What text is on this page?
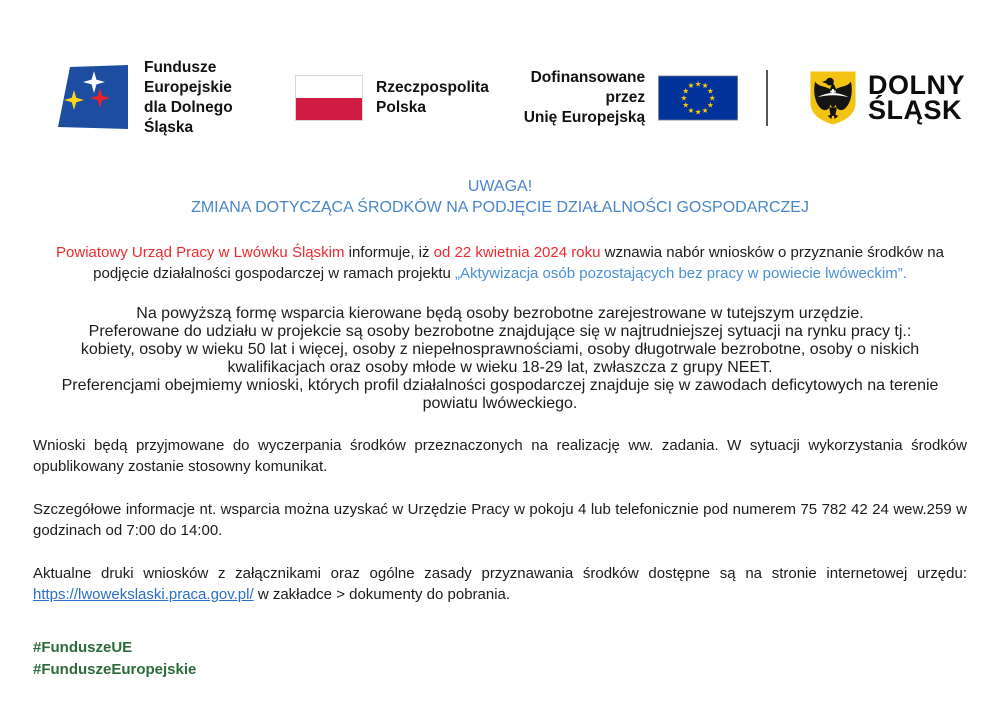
Fundusze Europejskie
dla Dolnego Śląska
Rzeczpospolita
Polska
Dofinansowane przez
Unię Europejską
★ ★
★
★
★
★
★
★
★
★
★
★	DOLNY
ŚLĄSK
UWAGA!
ZMIANA DOTYCZĄCA ŚRODKÓW NA PODJĘCIE DZIAŁALNOŚCI GOSPODARCZEJ

Powiatowy Urząd Pracy w Lwówku Śląskim informuje, iż od 22 kwietnia 2024 roku wznawia nabór wniosków o przyznanie środków na podjęcie działalności gospodarczej w ramach projektu „Aktywizacja osób pozostających bez pracy w powiecie lwóweckim”.

Na powyższą formę wsparcia kierowane będą osoby bezrobotne zarejestrowane w tutejszym urzędzie.
Preferowane do udziału w projekcie są osoby bezrobotne znajdujące się w najtrudniejszej sytuacji na rynku pracy tj.:
kobiety, osoby w wieku 50 lat i więcej, osoby z niepełnosprawnościami, osoby długotrwale bezrobotne, osoby o niskich kwalifikacjach oraz osoby młode w wieku 18-29 lat, zwłaszcza z grupy NEET.
Preferencjami obejmiemy wnioski, których profil działalności gospodarczej znajduje się w zawodach deficytowych na terenie powiatu lwóweckiego.

Wnioski będą przyjmowane do wyczerpania środków przeznaczonych na realizację ww. zadania. W sytuacji wykorzystania środków opublikowany zostanie stosowny komunikat.

Szczegółowe informacje nt. wsparcia można uzyskać w Urzędzie Pracy w pokoju 4 lub telefonicznie pod numerem 75 782 42 24 wew.259 w godzinach od 7:00 do 14:00.

Aktualne druki wniosków z załącznikami oraz ogólne zasady przyznawania środków dostępne są na stronie internetowej urzędu: https://lwowekslaski.praca.gov.pl/ w zakładce > dokumenty do pobrania.

#FunduszeUE
#FunduszeEuropejskie
